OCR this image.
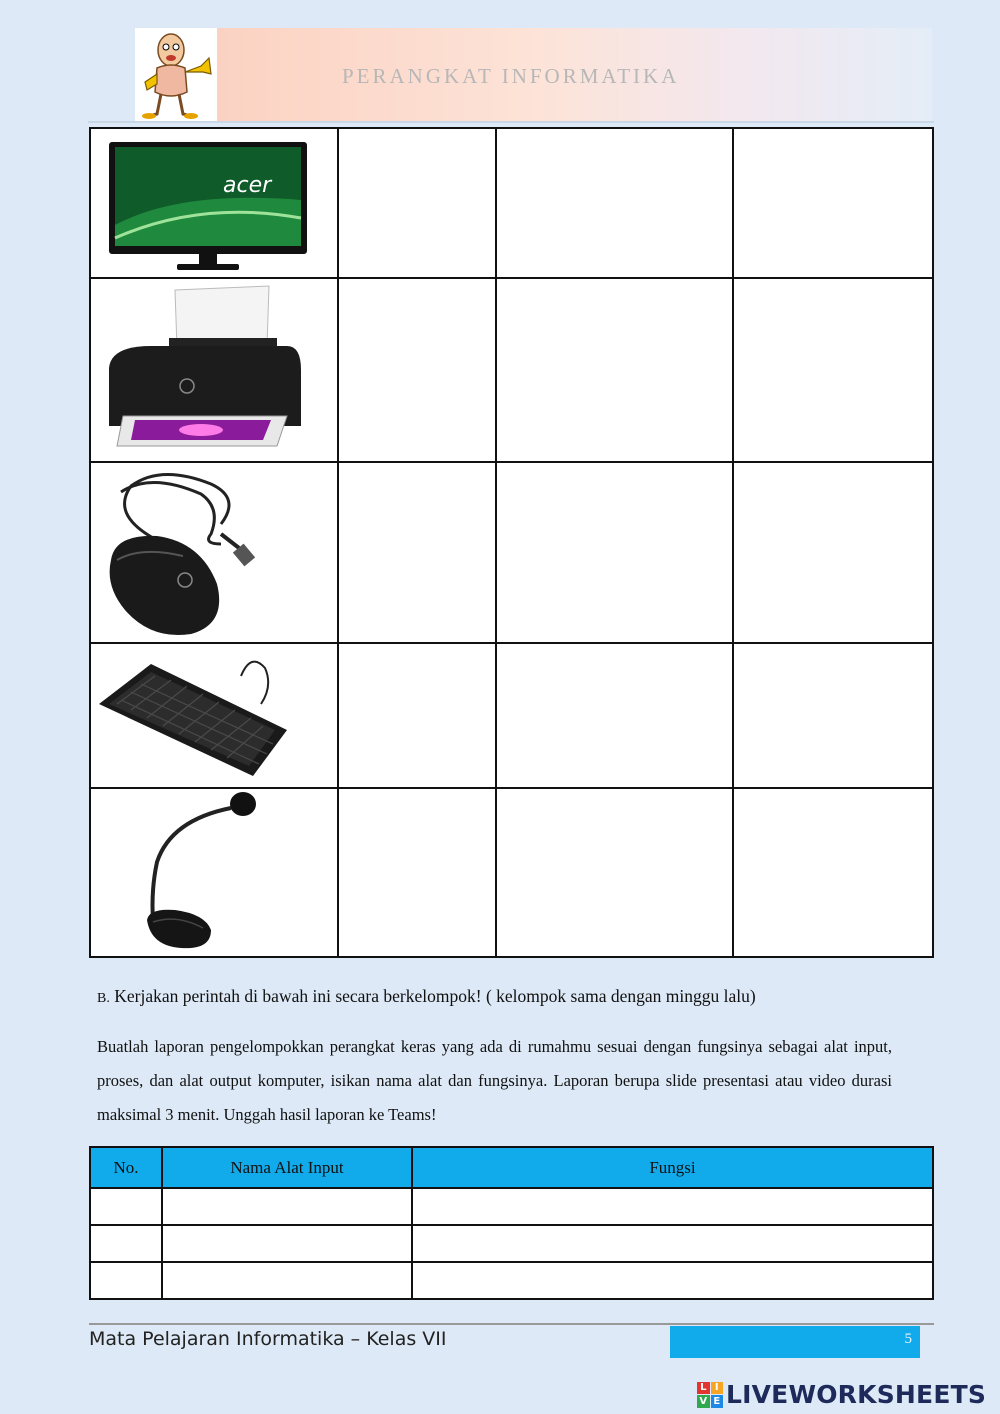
PERANGKAT INFORMATIKA
acer			

B. Kerjakan perintah di bawah ini secara berkelompok! ( kelompok sama dengan minggu lalu)
Buatlah laporan pengelompokkan perangkat keras yang ada di rumahmu sesuai dengan fungsinya sebagai alat input, proses, dan alat output komputer, isikan nama alat dan fungsinya. Laporan berupa slide presentasi atau video durasi maksimal 3 menit. Unggah hasil laporan ke Teams!
No.	Nama Alat Input	Fungsi

Mata Pelajaran Informatika – Kelas VII	5
L I
V E LIVEWORKSHEETS
